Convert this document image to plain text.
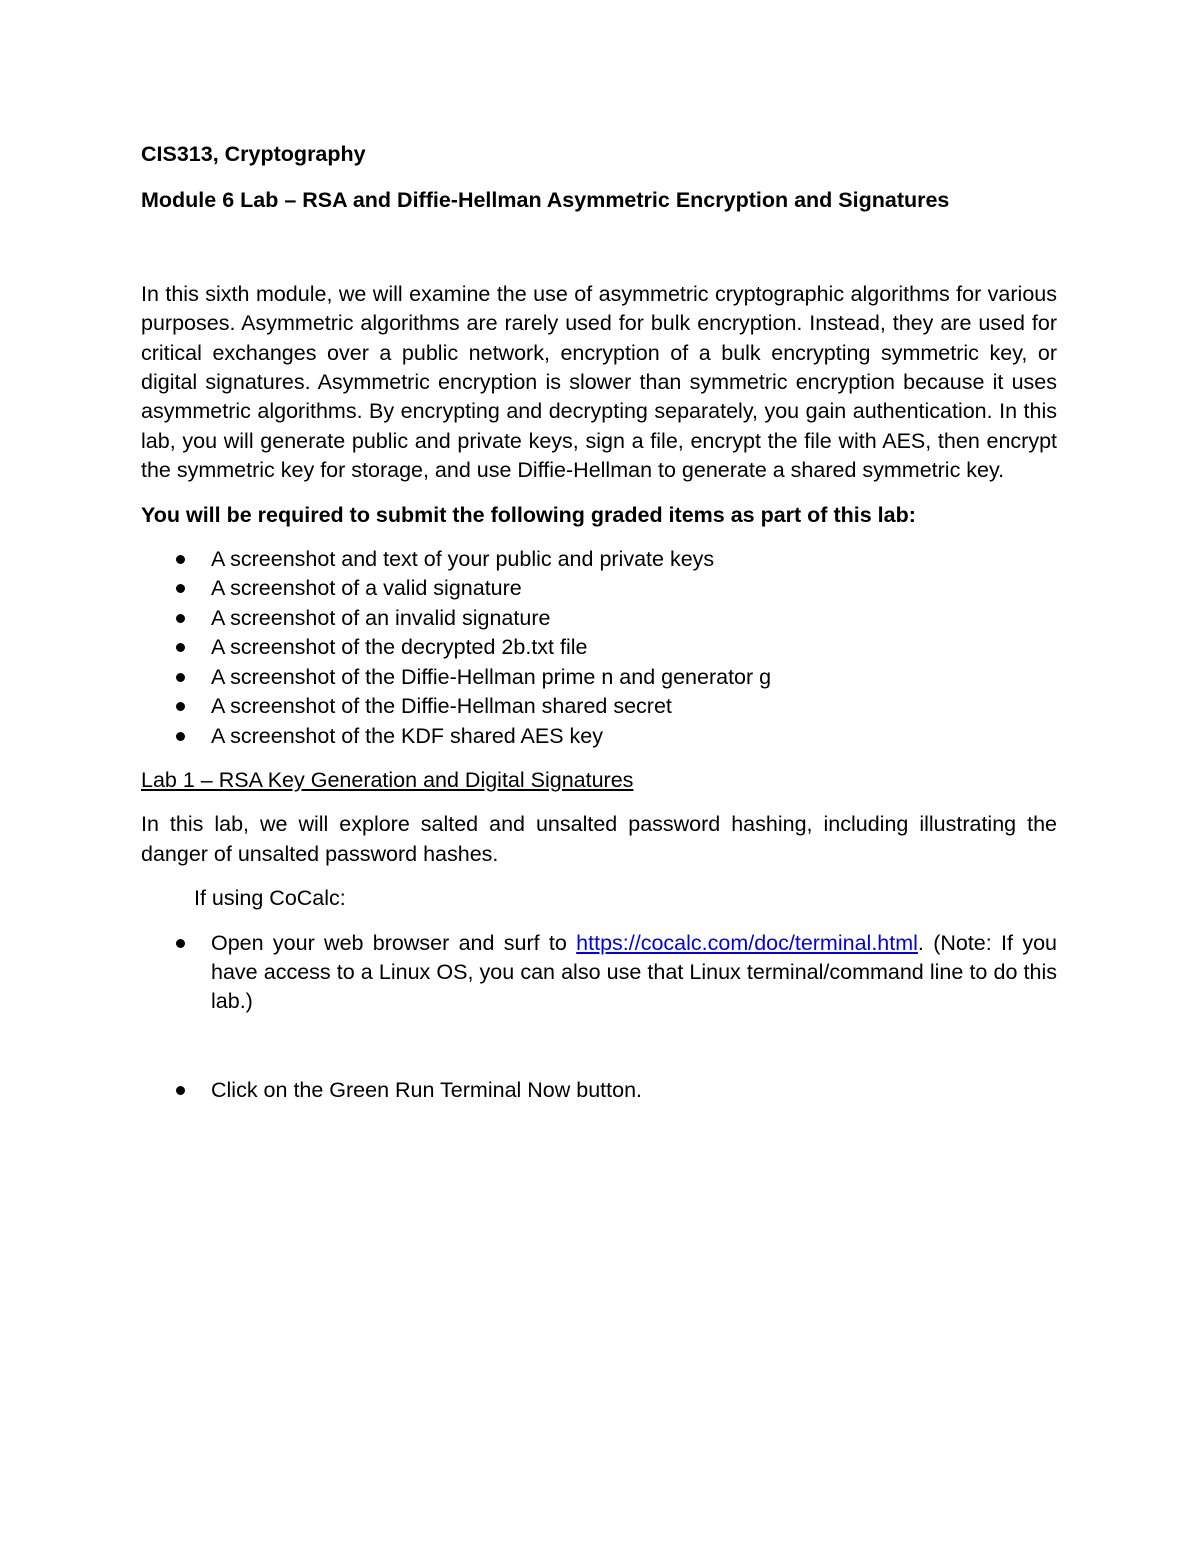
CIS313, Cryptography

Module 6 Lab – RSA and Diffie-Hellman Asymmetric Encryption and Signatures

In this sixth module, we will examine the use of asymmetric cryptographic algorithms for various purposes. Asymmetric algorithms are rarely used for bulk encryption. Instead, they are used for critical exchanges over a public network, encryption of a bulk encrypting symmetric key, or digital signatures. Asymmetric encryption is slower than symmetric encryption because it uses asymmetric algorithms. By encrypting and decrypting separately, you gain authentication. In this lab, you will generate public and private keys, sign a file, encrypt the file with AES, then encrypt the symmetric key for storage, and use Diffie-Hellman to generate a shared symmetric key.

You will be required to submit the following graded items as part of this lab:

A screenshot and text of your public and private keys
A screenshot of a valid signature
A screenshot of an invalid signature
A screenshot of the decrypted 2b.txt file
A screenshot of the Diffie-Hellman prime n and generator g
A screenshot of the Diffie-Hellman shared secret
A screenshot of the KDF shared AES key

Lab 1 – RSA Key Generation and Digital Signatures

In this lab, we will explore salted and unsalted password hashing, including illustrating the danger of unsalted password hashes.

If using CoCalc:

Open your web browser and surf to https://cocalc.com/doc/terminal.html. (Note: If you have access to a Linux OS, you can also use that Linux terminal/command line to do this lab.)
Click on the Green Run Terminal Now button.
